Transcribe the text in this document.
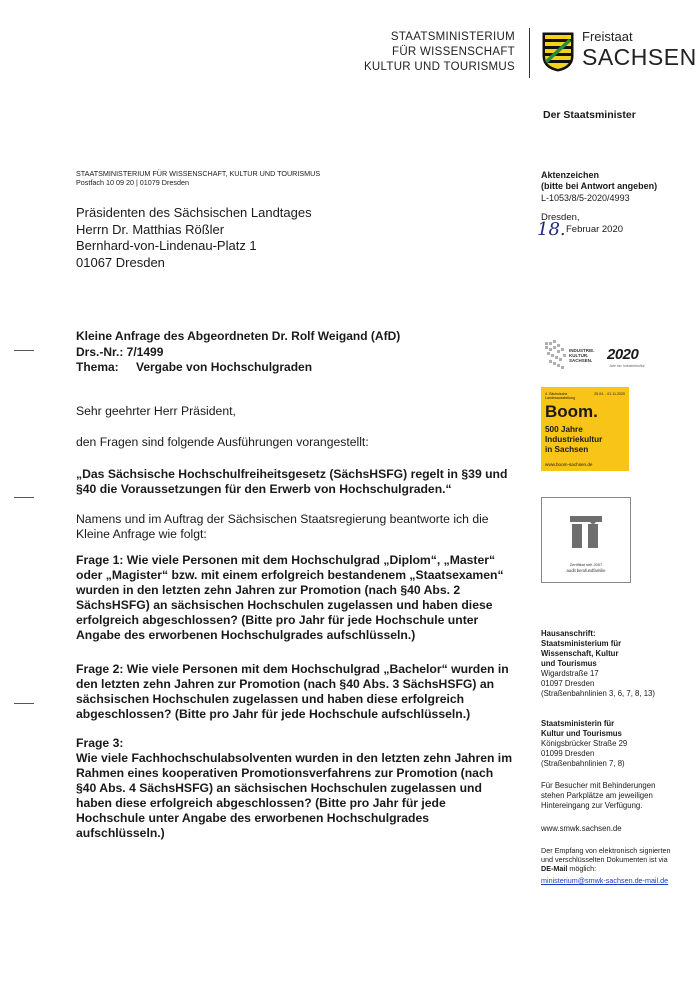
STAATSMINISTERIUM
FÜR WISSENSCHAFT
KULTUR UND TOURISMUS
Freistaat
SACHSEN
Der Staatsminister
STAATSMINISTERIUM FÜR WISSENSCHAFT, KULTUR UND TOURISMUS
Postfach 10 09 20 | 01079 Dresden
Aktenzeichen
(bitte bei Antwort angeben)
L-1053/8/5-2020/4993
Dresden,
18. Februar 2020
Präsidenten des Sächsischen Landtages
Herrn Dr. Matthias Rößler
Bernhard-von-Lindenau-Platz 1
01067 Dresden
Kleine Anfrage des Abgeordneten Dr. Rolf Weigand (AfD)
Drs.-Nr.: 7/1499
Thema: Vergabe von Hochschulgraden
Sehr geehrter Herr Präsident,
den Fragen sind folgende Ausführungen vorangestellt:
„Das Sächsische Hochschulfreiheitsgesetz (SächsHSFG) regelt in §39 und §40 die Voraussetzungen für den Erwerb von Hochschulgraden.“
Namens und im Auftrag der Sächsischen Staatsregierung beantworte ich die Kleine Anfrage wie folgt:
Frage 1: Wie viele Personen mit dem Hochschulgrad „Diplom“, „Master“ oder „Magister“ bzw. mit einem erfolgreich bestandenem „Staatsexamen“ wurden in den letzten zehn Jahren zur Promotion (nach §40 Abs. 2 SächsHSFG) an sächsischen Hochschulen zugelassen und haben diese erfolgreich abgeschlossen? (Bitte pro Jahr für jede Hochschule unter Angabe des erworbenen Hochschulgrades aufschlüsseln.)
Frage 2: Wie viele Personen mit dem Hochschulgrad „Bachelor“ wurden in den letzten zehn Jahren zur Promotion (nach §40 Abs. 3 SächsHSFG) an sächsischen Hochschulen zugelassen und haben diese erfolgreich abgeschlossen? (Bitte pro Jahr für jede Hochschule aufschlüsseln.)
Frage 3:
Wie viele Fachhochschulabsolventen wurden in den letzten zehn Jahren im Rahmen eines kooperativen Promotionsverfahrens zur Promotion (nach §40 Abs. 4 SächsHSFG) an sächsischen Hochschulen zugelassen und haben diese erfolgreich abgeschlossen? (Bitte pro Jahr für jede Hochschule unter Angabe des erworbenen Hochschulgrades aufschlüsseln.)
INDUSTRIE.
KULTUR.
SACHSEN. 2020
Jahr der Industriekultur
4. Sächsische Landesausstellung
25.04. - 01.11.2020
Boom.
500 Jahre
Industriekultur
in Sachsen
www.boom-sachsen.de
Zertifikat seit 2007
audit berufundfamilie
Hausanschrift:
Staatsministerium für
Wissenschaft, Kultur
und Tourismus
Wigardstraße 17
01097 Dresden
(Straßenbahnlinien 3, 6, 7, 8, 13)
Staatsministerin für
Kultur und Tourismus
Königsbrücker Straße 29
01099 Dresden
(Straßenbahnlinien 7, 8)
Für Besucher mit Behinderungen
stehen Parkplätze am jeweiligen
Hintereingang zur Verfügung.
www.smwk.sachsen.de
Der Empfang von elektronisch signierten
und verschlüsselten Dokumenten ist via
DE-Mail möglich:
ministerium@smwk-sachsen.de-mail.de
